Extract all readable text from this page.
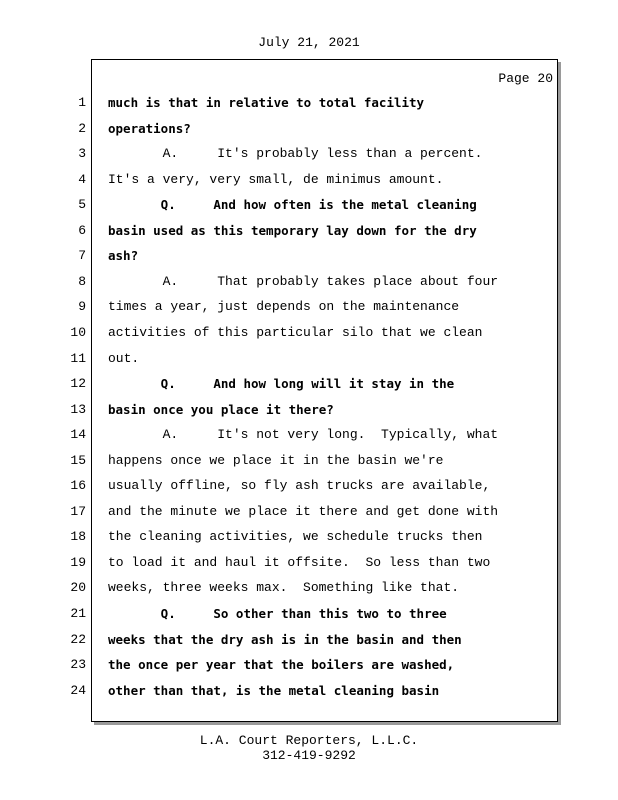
July 21, 2021
Page 20
1 much is that in relative to total facility
2 operations?
3 A.     It's probably less than a percent.
4 It's a very, very small, de minimus amount.
5 Q.     And how often is the metal cleaning
6 basin used as this temporary lay down for the dry
7 ash?
8 A.     That probably takes place about four
9 times a year, just depends on the maintenance
10 activities of this particular silo that we clean
11 out.
12 Q.     And how long will it stay in the
13 basin once you place it there?
14 A.     It's not very long.  Typically, what
15 happens once we place it in the basin we're
16 usually offline, so fly ash trucks are available,
17 and the minute we place it there and get done with
18 the cleaning activities, we schedule trucks then
19 to load it and haul it offsite.  So less than two
20 weeks, three weeks max.  Something like that.
21 Q.     So other than this two to three
22 weeks that the dry ash is in the basin and then
23 the once per year that the boilers are washed,
24 other than that, is the metal cleaning basin
L.A. Court Reporters, L.L.C.
312-419-9292
